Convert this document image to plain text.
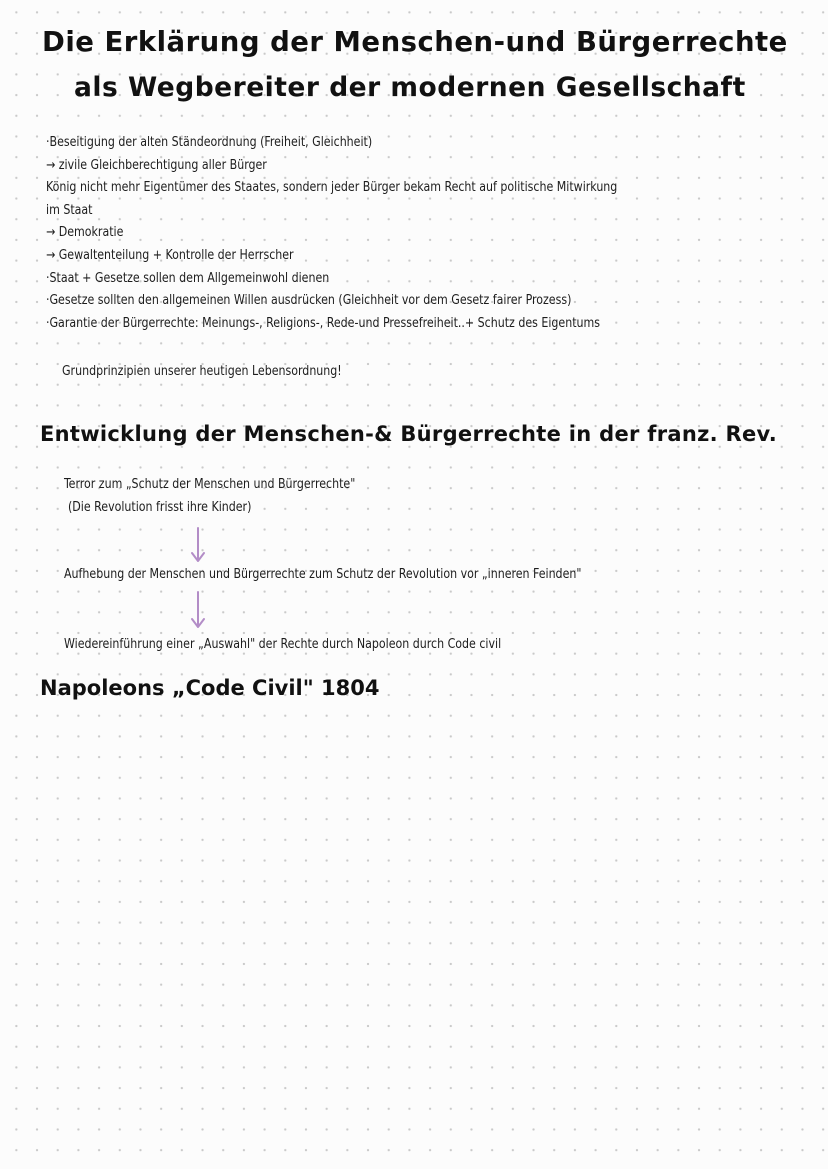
Die Erklärung der Menschen-und Bürgerrechte
als Wegbereiter der modernen Gesellschaft
·Beseitigung der alten Ständeordnung (Freiheit, Gleichheit)
→ zivile Gleichberechtigung aller Bürger
König nicht mehr Eigentümer des Staates, sondern jeder Bürger bekam Recht auf politische Mitwirkung
im Staat
→ Demokratie
→ Gewaltenteilung + Kontrolle der Herrscher
·Staat + Gesetze sollen dem Allgemeinwohl dienen
·Gesetze sollten den allgemeinen Willen ausdrücken (Gleichheit vor dem Gesetz fairer Prozess)
·Garantie der Bürgerrechte: Meinungs-, Religions-, Rede-und Pressefreiheit..+ Schutz des Eigentums
Grundprinzipien unserer heutigen Lebensordnung!
Entwicklung der Menschen-& Bürgerrechte in der franz. Rev.
Terror zum „Schutz der Menschen und Bürgerrechte"
(Die Revolution frisst ihre Kinder)
Aufhebung der Menschen und Bürgerrechte zum Schutz der Revolution vor „inneren Feinden"
Wiedereinführung einer „Auswahl" der Rechte durch Napoleon durch Code civil
Napoleons „Code Civil" 1804
